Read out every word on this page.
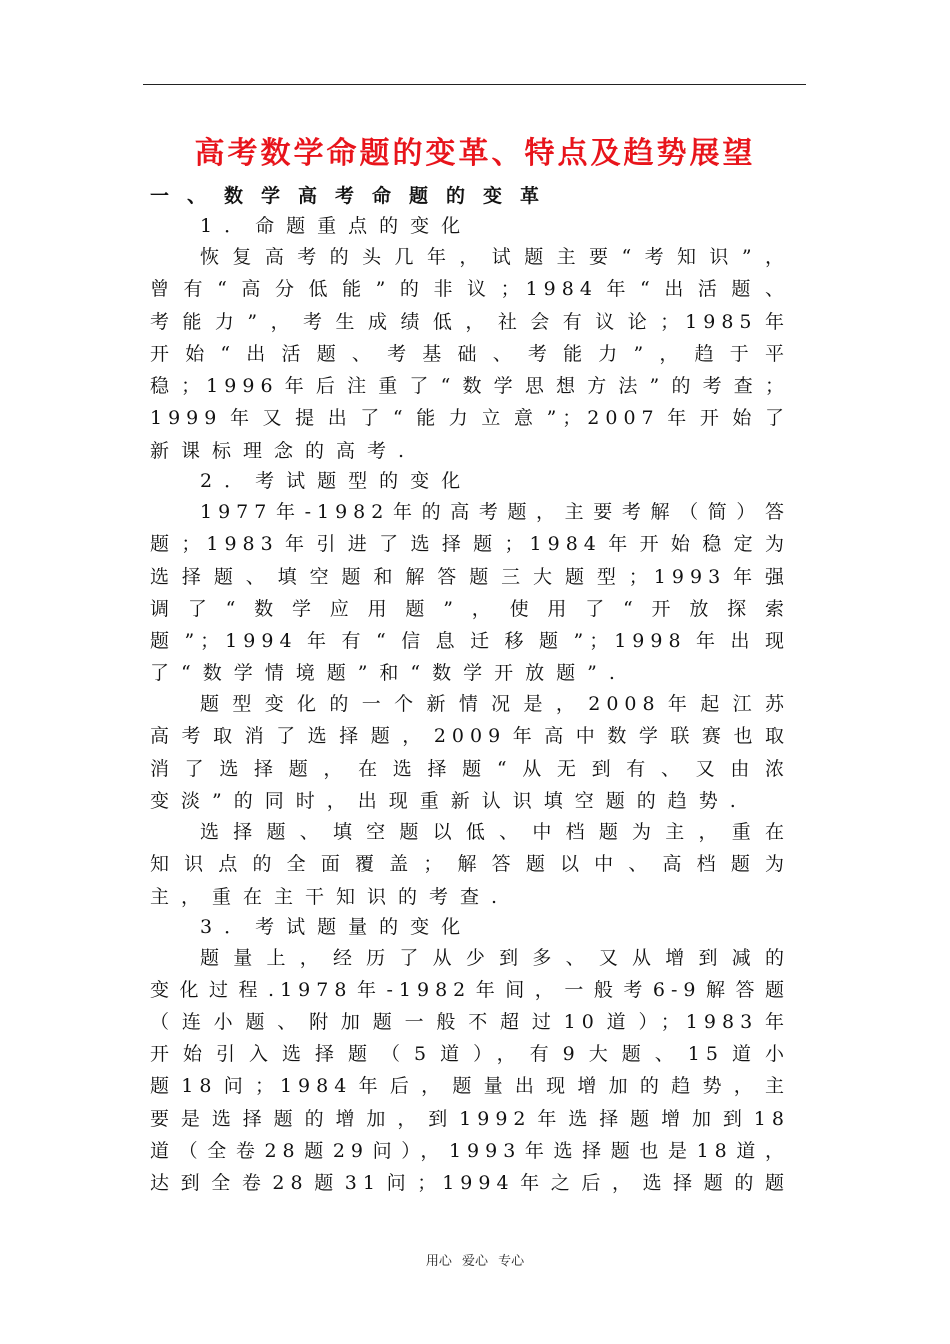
高考数学命题的变革、特点及趋势展望
一、数学高考命题的变革
1．命题重点的变化
恢复高考的头几年，试题主要“考知识”，
曾有“高分低能”的非议；1984年“出活题、
考能力”，考生成绩低，社会有议论；1985年
开始“出活题、考基础、考能力”，趋于平
稳；1996年后注重了“数学思想方法”的考查；
1999年又提出了“能力立意”；2007年开始了
新课标理念的高考.
2．考试题型的变化
1977年-1982年的高考题，主要考解（简）答
题；1983年引进了选择题；1984年开始稳定为
选择题、填空题和解答题三大题型；1993年强
调了“数学应用题”，使用了“开放探索
题”；1994年有“信息迁移题”；1998年出现
了“数学情境题”和“数学开放题”.
题型变化的一个新情况是，2008年起江苏
高考取消了选择题，2009年高中数学联赛也取
消了选择题，在选择题“从无到有、又由浓
变淡”的同时，出现重新认识填空题的趋势.
选择题、填空题以低、中档题为主，重在
知识点的全面覆盖；解答题以中、高档题为
主，重在主干知识的考查.
3．考试题量的变化
题量上，经历了从少到多、又从增到减的
变化过程.1978年-1982年间，一般考6-9解答题
（连小题、附加题一般不超过10道）；1983年
开始引入选择题（5道），有9大题、15道小
题18问；1984年后，题量出现增加的趋势，主
要是选择题的增加，到1992年选择题增加到18
道（全卷28题29问），1993年选择题也是18道，
达到全卷28题31问；1994年之后，选择题的题
用心 爱心 专心
